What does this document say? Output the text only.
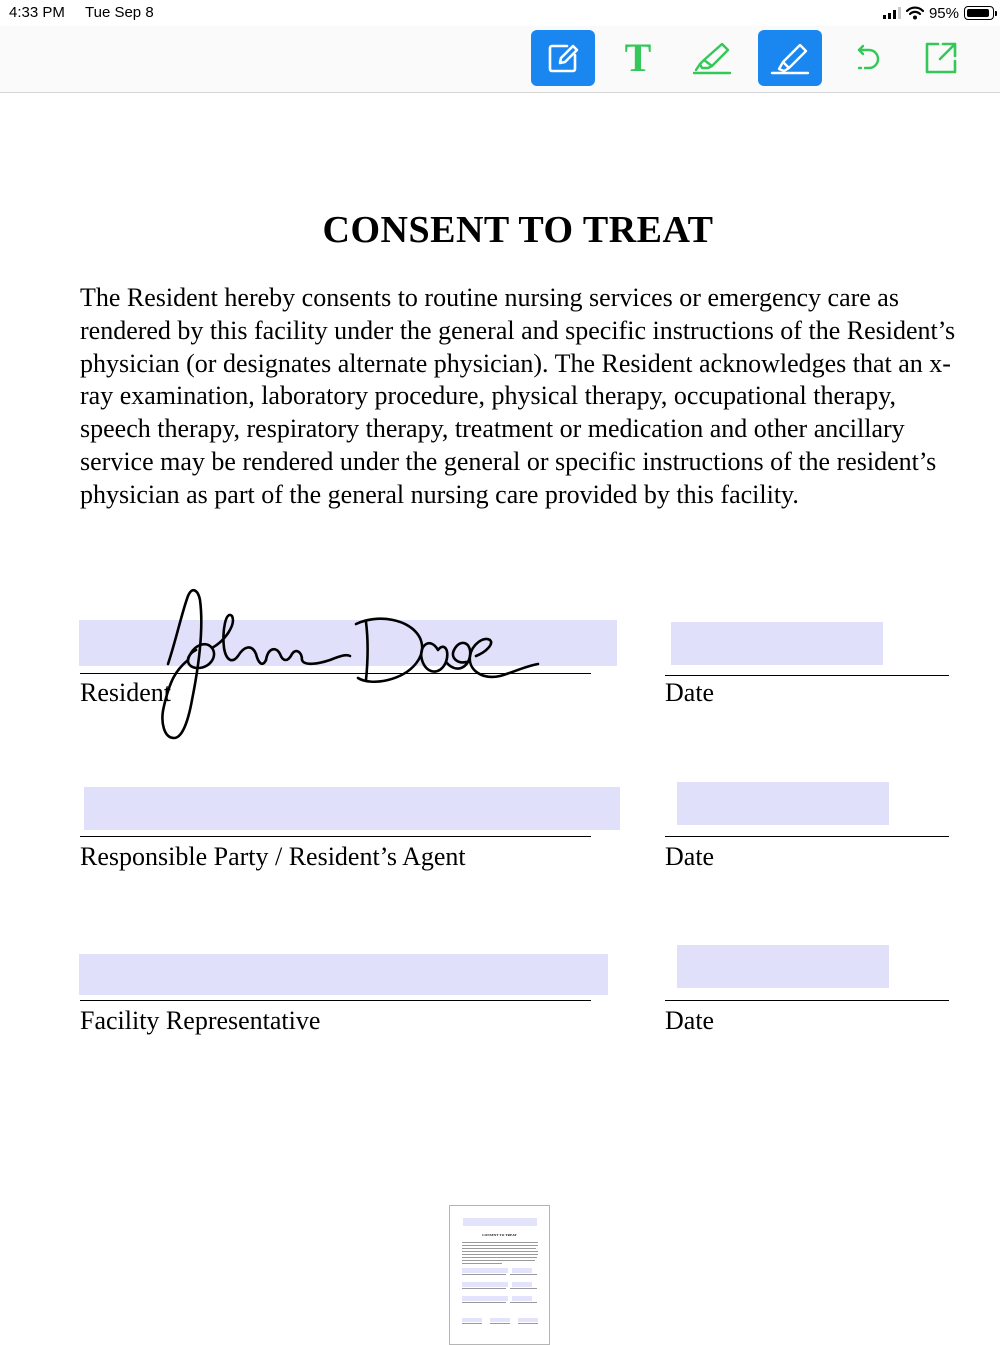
4:33 PM Tue Sep 8	95%
T
CONSENT TO TREAT

The Resident hereby consents to routine nursing services or emergency care as rendered by this facility under the general and specific instructions of the Resident’s physician (or designates alternate physician). The Resident acknowledges that an x-ray examination, laboratory procedure, physical therapy, occupational therapy, speech therapy, respiratory therapy, treatment or medication and other ancillary service may be rendered under the general or specific instructions of the resident’s physician as part of the general nursing care provided by this facility.

Resident	Date
Responsible Party / Resident’s Agent	Date
Facility Representative	Date
CONSENT TO TREAT
